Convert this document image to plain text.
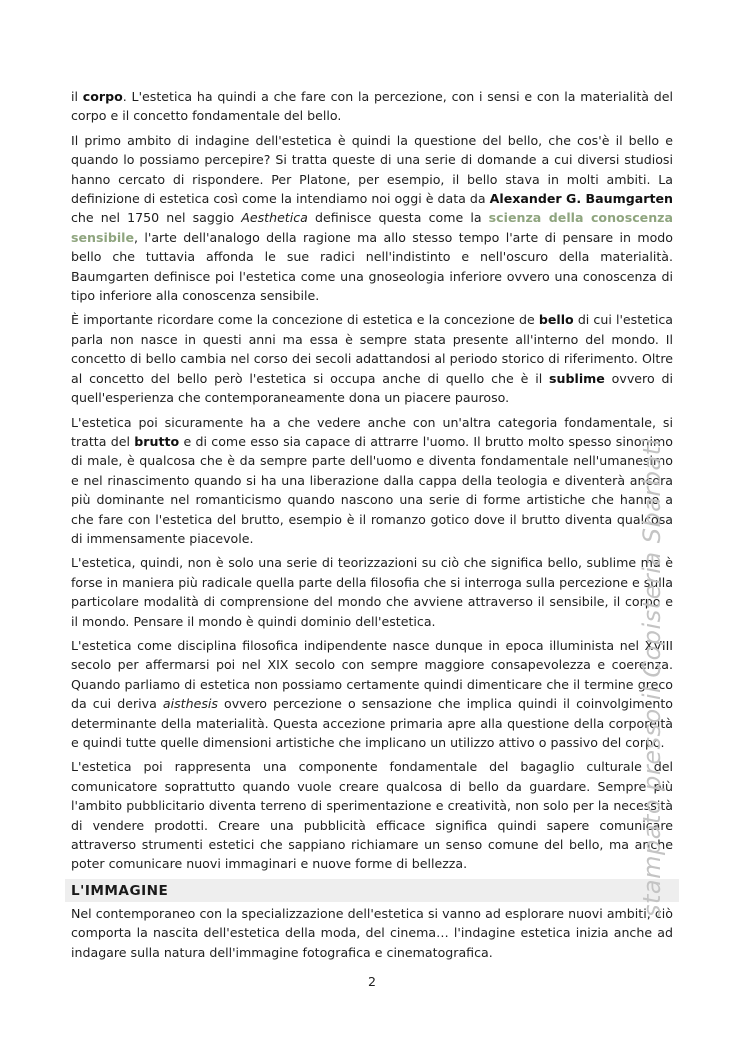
il corpo. L'estetica ha quindi a che fare con la percezione, con i sensi e con la materialità del corpo e il concetto fondamentale del bello.

Il primo ambito di indagine dell'estetica è quindi la questione del bello, che cos'è il bello e quando lo possiamo percepire? Si tratta queste di una serie di domande a cui diversi studiosi hanno cercato di rispondere. Per Platone, per esempio, il bello stava in molti ambiti. La definizione di estetica così come la intendiamo noi oggi è data da Alexander G. Baumgarten che nel 1750 nel saggio Aesthetica definisce questa come la scienza della conoscenza sensibile, l'arte dell'analogo della ragione ma allo stesso tempo l'arte di pensare in modo bello che tuttavia affonda le sue radici nell'indistinto e nell'oscuro della materialità. Baumgarten definisce poi l'estetica come una gnoseologia inferiore ovvero una conoscenza di tipo inferiore alla conoscenza sensibile.

È importante ricordare come la concezione di estetica e la concezione de bello di cui l'estetica parla non nasce in questi anni ma essa è sempre stata presente all'interno del mondo. Il concetto di bello cambia nel corso dei secoli adattandosi al periodo storico di riferimento. Oltre al concetto del bello però l'estetica si occupa anche di quello che è il sublime ovvero di quell'esperienza che contemporaneamente dona un piacere pauroso.

L'estetica poi sicuramente ha a che vedere anche con un'altra categoria fondamentale, si tratta del brutto e di come esso sia capace di attrarre l'uomo. Il brutto molto spesso sinonimo di male, è qualcosa che è da sempre parte dell'uomo e diventa fondamentale nell'umanesimo e nel rinascimento quando si ha una liberazione dalla cappa della teologia e diventerà ancora più dominante nel romanticismo quando nascono una serie di forme artistiche che hanno a che fare con l'estetica del brutto, esempio è il romanzo gotico dove il brutto diventa qualcosa di immensamente piacevole.

L'estetica, quindi, non è solo una serie di teorizzazioni su ciò che significa bello, sublime ma è forse in maniera più radicale quella parte della filosofia che si interroga sulla percezione e sulla particolare modalità di comprensione del mondo che avviene attraverso il sensibile, il corpo e il mondo. Pensare il mondo è quindi dominio dell'estetica.

L'estetica come disciplina filosofica indipendente nasce dunque in epoca illuminista nel XVIII secolo per affermarsi poi nel XIX secolo con sempre maggiore consapevolezza e coerenza. Quando parliamo di estetica non possiamo certamente quindi dimenticare che il termine greco da cui deriva aisthesis ovvero percezione o sensazione che implica quindi il coinvolgimento determinante della materialità. Questa accezione primaria apre alla questione della corporeità e quindi tutte quelle dimensioni artistiche che implicano un utilizzo attivo o passivo del corpo.

L'estetica poi rappresenta una componente fondamentale del bagaglio culturale del comunicatore soprattutto quando vuole creare qualcosa di bello da guardare. Sempre più l'ambito pubblicitario diventa terreno di sperimentazione e creatività, non solo per la necessità di vendere prodotti. Creare una pubblicità efficace significa quindi sapere comunicare attraverso strumenti estetici che sappiano richiamare un senso comune del bello, ma anche poter comunicare nuovi immaginari e nuove forme di bellezza.

L'IMMAGINE

Nel contemporaneo con la specializzazione dell'estetica si vanno ad esplorare nuovi ambiti, ciò comporta la nascita dell'estetica della moda, del cinema… l'indagine estetica inizia anche ad indagare sulla natura dell'immagine fotografica e cinematografica.

2
stampato presso il Copisteria Sbarbati
